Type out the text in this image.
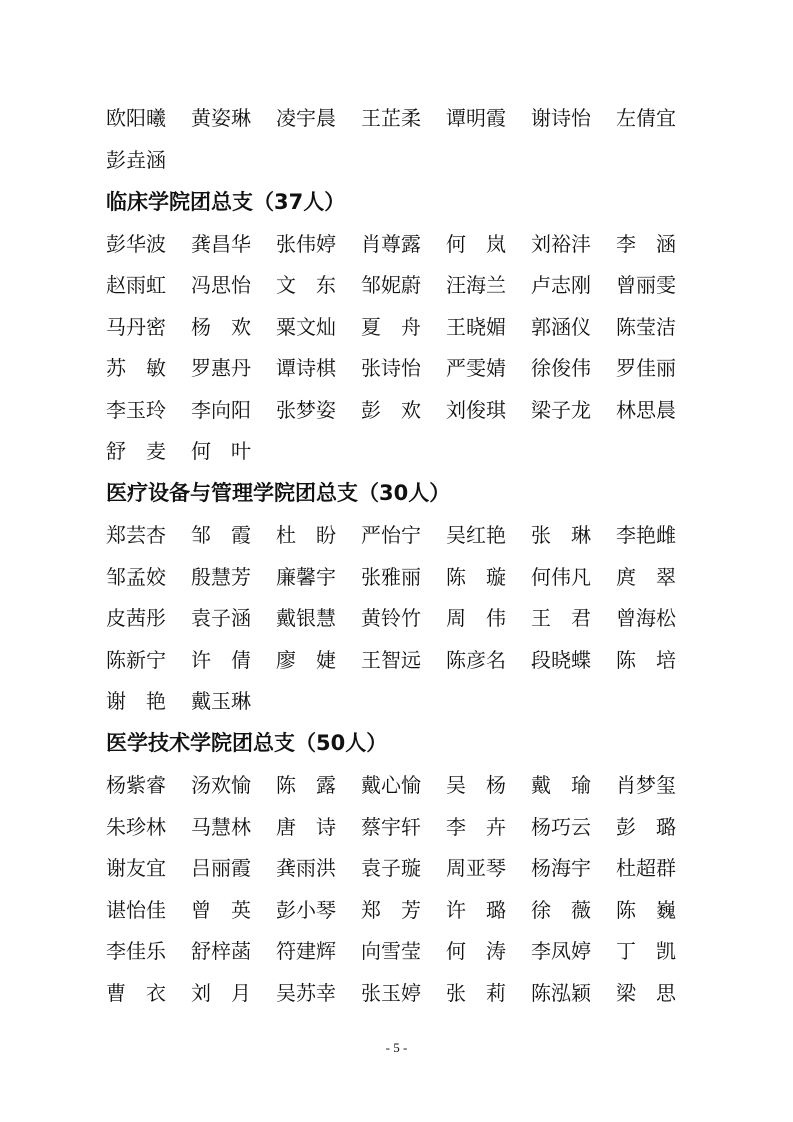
欧阳曦 黄姿琳 凌宇晨 王芷柔 谭明霞 谢诗怡 左倩宜
彭垚涵
临床学院团总支（37人）
彭华波 龚昌华 张伟婷 肖尊露 何　岚 刘裕沣 李　涵
赵雨虹 冯思怡 文　东 邹妮蔚 汪海兰 卢志刚 曾丽雯
马丹密 杨　欢 粟文灿 夏　舟 王晓媚 郭涵仪 陈莹洁
苏　敏 罗惠丹 谭诗棋 张诗怡 严雯婧 徐俊伟 罗佳丽
李玉玲 李向阳 张梦姿 彭　欢 刘俊琪 梁子龙 林思晨
舒　麦 何　叶
医疗设备与管理学院团总支（30人）
郑芸杏 邹　霞 杜　盼 严怡宁 吴红艳 张　琳 李艳雌
邹孟姣 殷慧芳 廉馨宇 张雅丽 陈　璇 何伟凡 庹　翠
皮茜彤 袁子涵 戴银慧 黄铃竹 周　伟 王　君 曾海松
陈新宁 许　倩 廖　婕 王智远 陈彦名 段晓蝶 陈　培
谢　艳 戴玉琳
医学技术学院团总支（50人）
杨紫睿 汤欢愉 陈　露 戴心愉 吴　杨 戴　瑜 肖梦玺
朱珍林 马慧林 唐　诗 蔡宇轩 李　卉 杨巧云 彭　璐
谢友宜 吕丽霞 龚雨洪 袁子璇 周亚琴 杨海宇 杜超群
谌怡佳 曾　英 彭小琴 郑　芳 许　璐 徐　薇 陈　巍
李佳乐 舒梓菡 符建辉 向雪莹 何　涛 李凤婷 丁　凯
曹　衣 刘　月 吴苏幸 张玉婷 张　莉 陈泓颖 梁　思
- 5 -
